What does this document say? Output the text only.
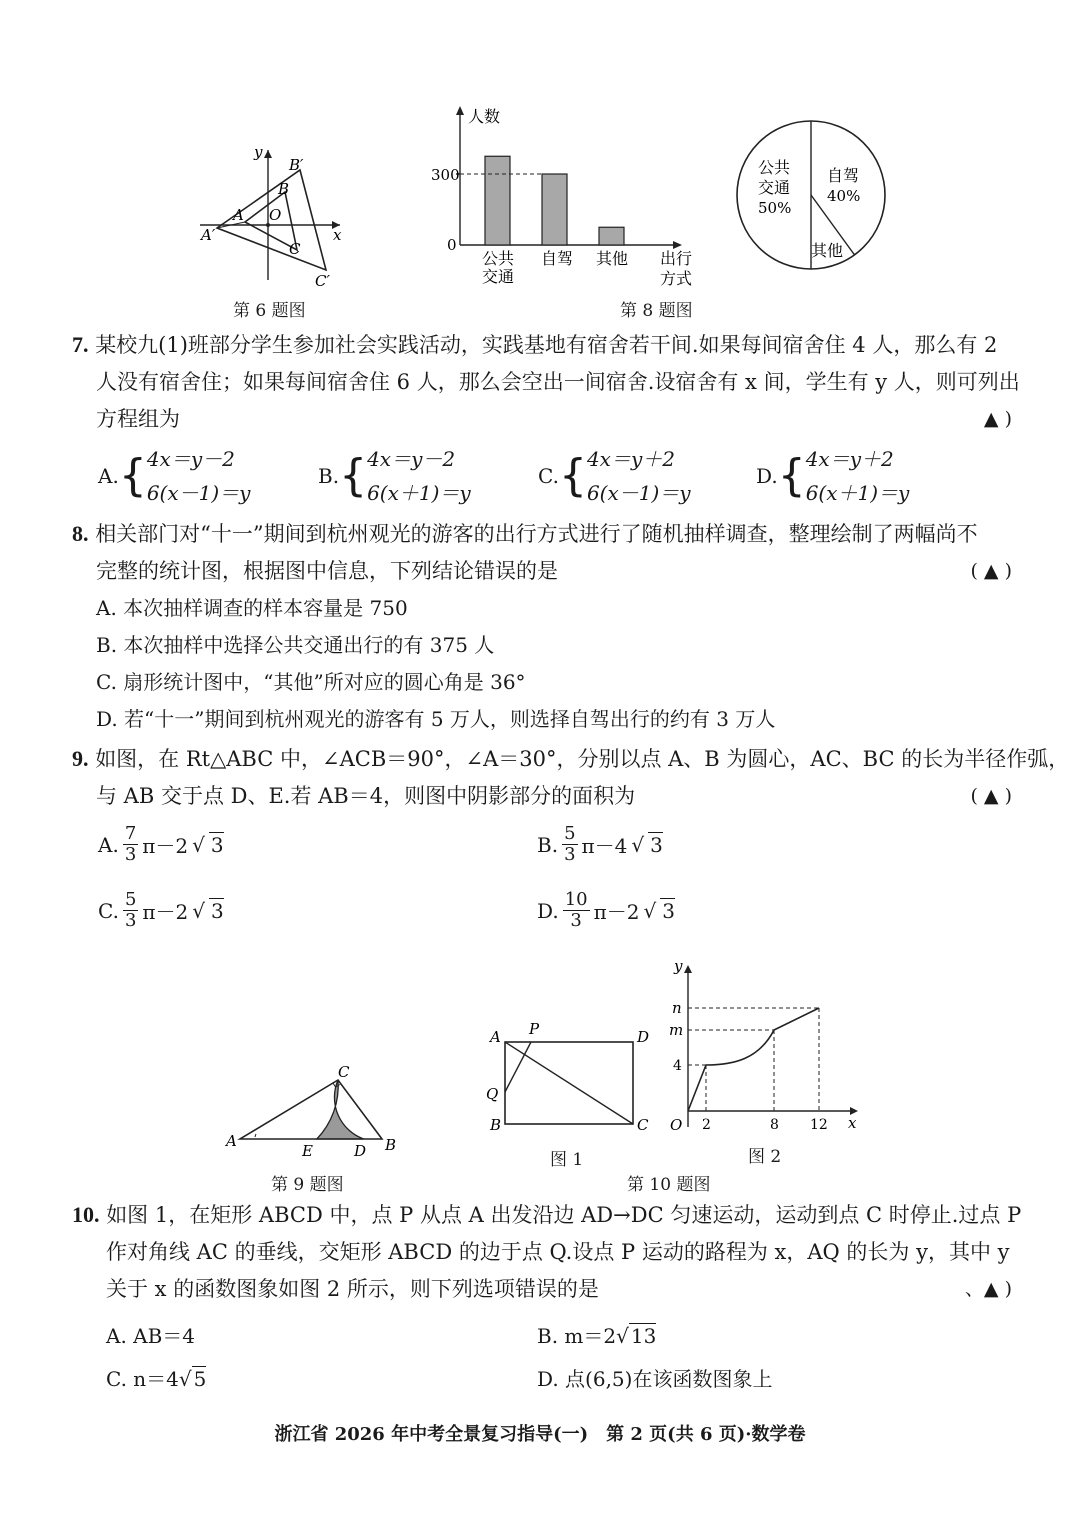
y
x
B′
B
A O
A′
C
C′
第 6 题图
人数
300
0
公共
交通
自驾 其他 出行
方式
公共
交通
50%
自驾
40%
其他
第 8 题图
7. 某校九(1)班部分学生参加社会实践活动，实践基地有宿舍若干间.如果每间宿舍住 4 人，那么有 2
人没有宿舍住；如果每间宿舍住 6 人，那么会空出一间宿舍.设宿舍有 x 间，学生有 y 人，则可列出
方程组为	▲ )
A. { 4x＝y－2
6(x－1)＝y
B. { 4x＝y－2
6(x＋1)＝y
C. { 4x＝y＋2
6(x－1)＝y
D. { 4x＝y＋2
6(x＋1)＝y
8. 相关部门对“十一”期间到杭州观光的游客的出行方式进行了随机抽样调查，整理绘制了两幅尚不
完整的统计图，根据图中信息，下列结论错误的是	( ▲ )
A. 本次抽样调查的样本容量是 750
B. 本次抽样中选择公共交通出行的有 375 人
C. 扇形统计图中，“其他”所对应的圆心角是 36°
D. 若“十一”期间到杭州观光的游客有 5 万人，则选择自驾出行的约有 3 万人
9. 如图，在 Rt△ABC 中，∠ACB＝90°，∠A＝30°，分别以点 A、B 为圆心，AC、BC 的长为半径作弧，
与 AB 交于点 D、E.若 AB＝4，则图中阴影部分的面积为	( ▲ )
A. $\frac{7}{3} \pi-2$ √ 3	B. $\frac{5}{3} \pi-4$ √ 3
C. $\frac{5}{3} \pi-2$ √ 3	D. $\frac{10}{3} \pi-2$ √ 3
A	B
C
D
E
第 9 题图
A	D
P
Q
B	C
图 1
y
x
O
n
m
4
2	8 12
图 2
第 10 题图
10. 如图 1，在矩形 ABCD 中，点 P 从点 A 出发沿边 AD→DC 匀速运动，运动到点 C 时停止.过点 P
作对角线 AC 的垂线，交矩形 ABCD 的边于点 Q.设点 P 运动的路程为 x，AQ 的长为 y，其中 y
关于 x 的函数图象如图 2 所示，则下列选项错误的是	、▲ )
A. AB＝4	B. m＝2√ 13
C. n＝4√ 5	D. 点(6,5)在该函数图象上
浙江省 2026 年中考全景复习指导(一)　第 2 页(共 6 页)·数学卷
